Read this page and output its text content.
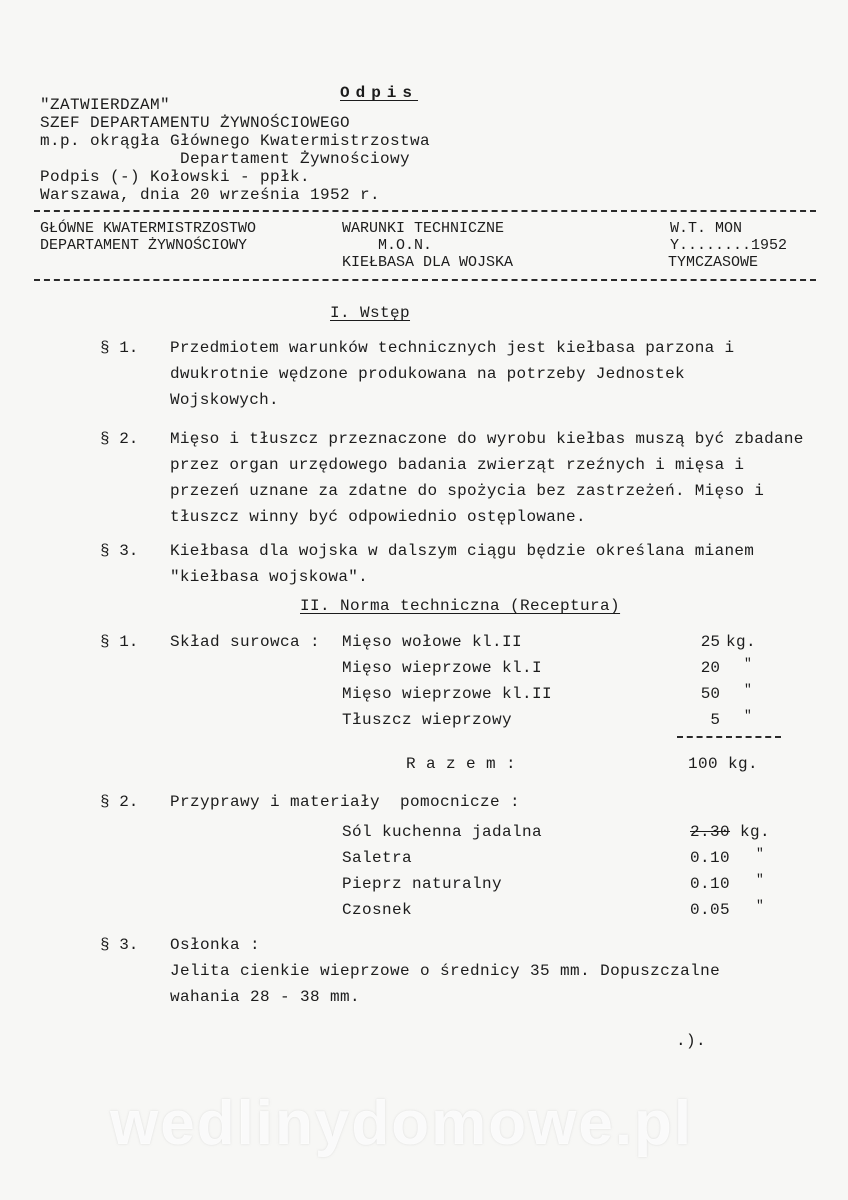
Odpis
"ZATWIERDZAM"
SZEF DEPARTAMENTU ŻYWNOŚCIOWEGO
m.p. okrągła Głównego Kwatermistrzostwa
Departament Żywnościowy
Podpis (-) Kołowski - ppłk.
Warszawa, dnia 20 września 1952 r.
GŁÓWNE KWATERMISTRZOSTWO
DEPARTAMENT ŻYWNOŚCIOWY
WARUNKI TECHNICZNE
M.O.N.
KIEŁBASA DLA WOJSKA
W.T. MON
Y........1952
TYMCZASOWE
I. Wstęp
§ 1. Przedmiotem warunków technicznych jest kiełbasa parzona i dwukrotnie wędzone produkowana na potrzeby Jednostek Wojskowych.
§ 2. Mięso i tłuszcz przeznaczone do wyrobu kiełbas muszą być zbadane przez organ urzędowego badania zwierząt rzeźnych i mięsa i przezeń uznane za zdatne do spożycia bez zastrzeżeń. Mięso i tłuszcz winny być odpowiednio ostęplowane.
§ 3. Kiełbasa dla wojska w dalszym ciągu będzie określana mianem "kiełbasa wojskowa".
II. Norma techniczna (Receptura)
§ 1. Skład surowca : Mięso wołowe kl.II	25 kg.
Mięso wieprzowe kl.I	20 "
Mięso wieprzowe kl.II	50 "
Tłuszcz wieprzowy	5 "
R a z e m :	100 kg.
§ 2. Przyprawy i materiały  pomocnicze :
Sól kuchenna jadalna	2.30 kg.
Saletra	0.10 "
Pieprz naturalny	0.10 "
Czosnek	0.05 "
§ 3. Osłonka :
Jelita cienkie wieprzowe o średnicy 35 mm. Dopuszczalne
wahania 28 - 38 mm.
.).
wedlinydomowe.pl
